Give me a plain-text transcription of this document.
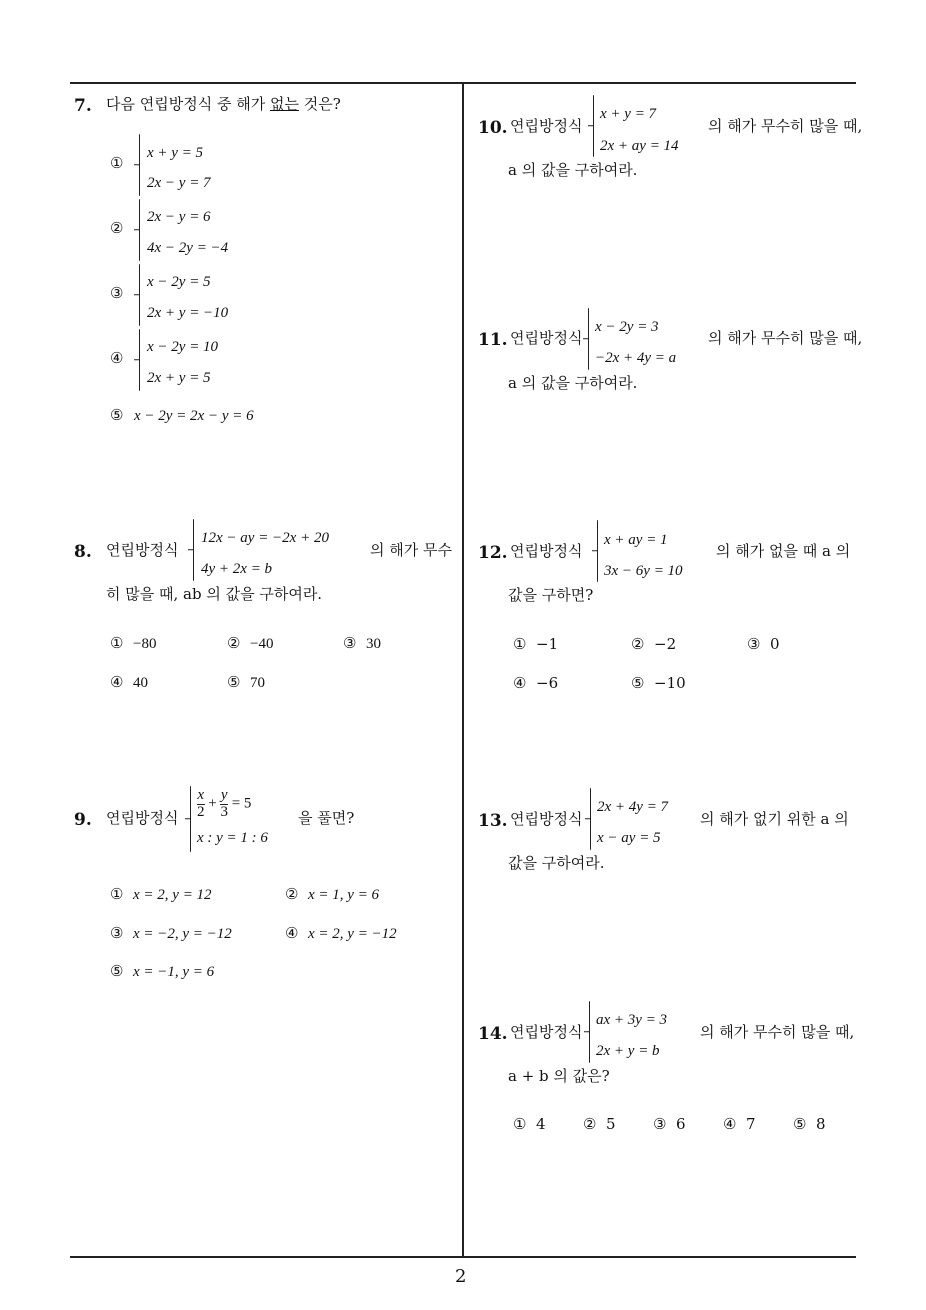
2
7. 다음 연립방정식 중 해가 없는 것은?
①
x + y = 5
2x − y = 7
②
2x − y = 6
4x − 2y = −4
③
x − 2y = 5
2x + y = −10
④
x − 2y = 10
2x + y = 5
⑤ x − 2y = 2x − y = 6
8. 연립방정식
12x − ay = −2x + 20
4y + 2x = b
의 해가 무수
히 많을 때, ab 의 값을 구하여라.
① −80	② −40	③ 30
④ 40	⑤ 70
9. 연립방정식 $\frac{x}{2} + \frac{y}{3} = 5$
x : y = 1 : 6
을 풀면?
① x = 2, y = 12	② x = 1, y = 6
③ x = −2, y = −12	④ x = 2, y = −12
⑤ x = −1, y = 6
10. 연립방정식
x + y = 7
2x + ay = 14
의 해가 무수히 많을 때,
a 의 값을 구하여라.
11. 연립방정식
x − 2y = 3
−2x + 4y = a
의 해가 무수히 많을 때,
a 의 값을 구하여라.
12. 연립방정식
x + ay = 1
3x − 6y = 10
의 해가 없을 때 a 의
값을 구하면?
① −1	② −2	③ 0
④ −6	⑤ −10
13. 연립방정식
2x + 4y = 7
x − ay = 5
의 해가 없기 위한 a 의
값을 구하여라.
14. 연립방정식
ax + 3y = 3
2x + y = b
의 해가 무수히 많을 때,
a + b 의 값은?
① 4 ② 5 ③ 6 ④ 7 ⑤ 8
